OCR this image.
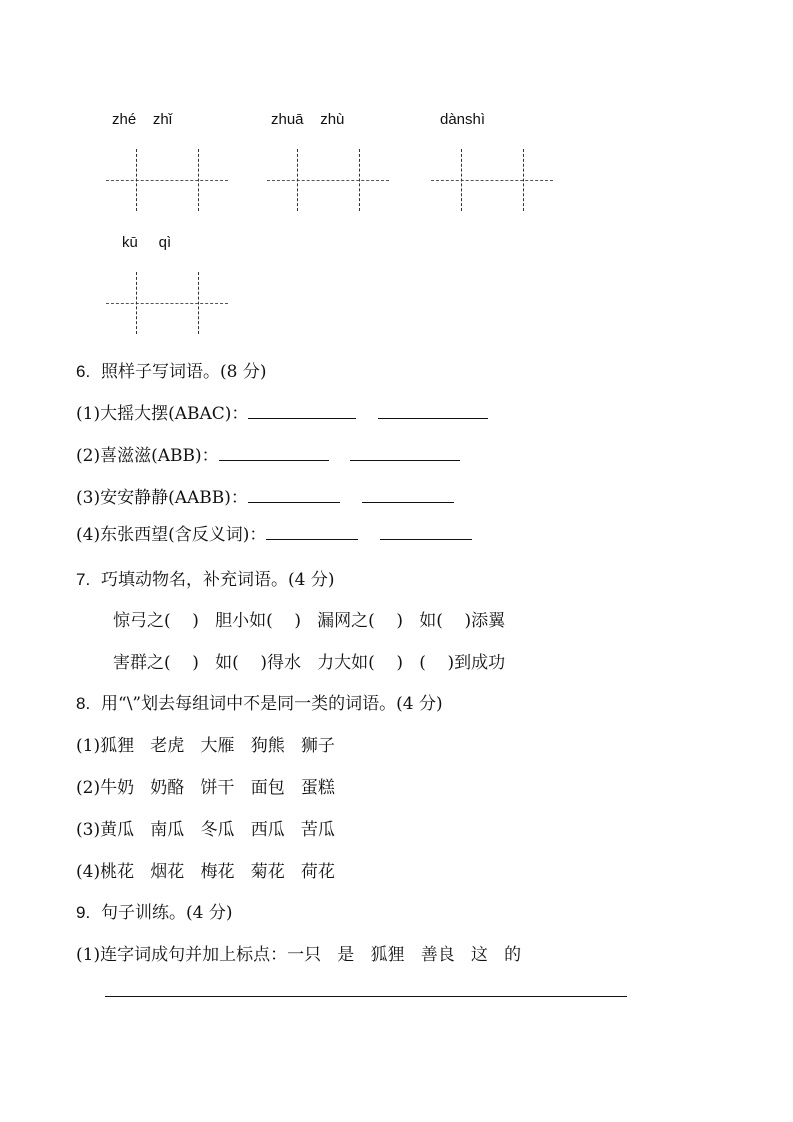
zhé    zhǐ	zhuā    zhù	dànshì
kū     qì
6. 照样子写词语。(8 分)
(1)大摇大摆(ABAC)：
(2)喜滋滋(ABB)：
(3)安安静静(AABB)：
(4)东张西望(含反义词)：
7. 巧填动物名，补充词语。(4 分)
惊弓之(    )   胆小如(    )   漏网之(    )   如(    )添翼
害群之(    )   如(    )得水   力大如(    )   (    )到成功
8. 用“\”划去每组词中不是同一类的词语。(4 分)
(1)狐狸   老虎   大雁   狗熊   狮子
(2)牛奶   奶酪   饼干   面包   蛋糕
(3)黄瓜   南瓜   冬瓜   西瓜   苦瓜
(4)桃花   烟花   梅花   菊花   荷花
9. 句子训练。(4 分)
(1)连字词成句并加上标点：一只   是   狐狸   善良   这   的
